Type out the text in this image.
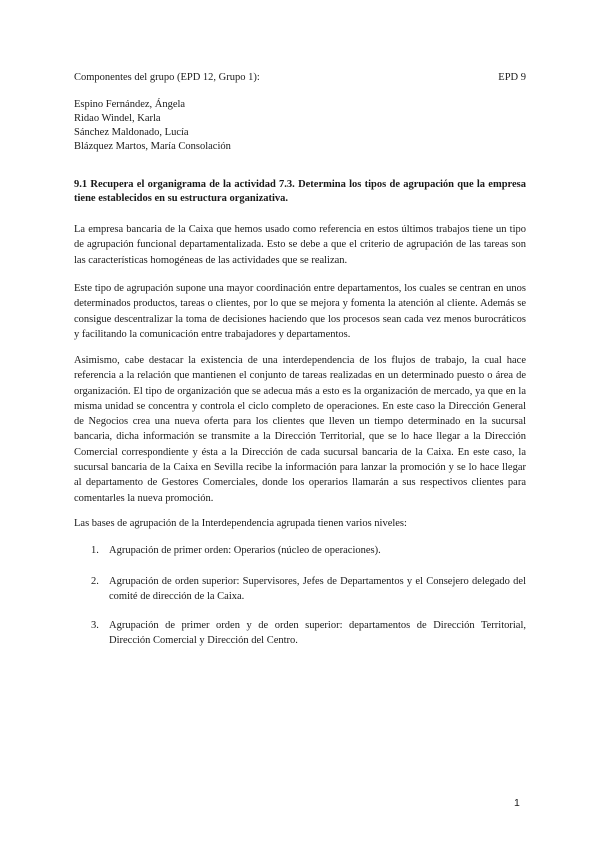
Componentes del grupo (EPD 12, Grupo 1):	EPD 9
Espino Fernández, Ángela
Ridao Windel, Karla
Sánchez Maldonado, Lucía
Blázquez Martos, María Consolación
9.1 Recupera el organigrama de la actividad 7.3. Determina los tipos de agrupación que la empresa tiene establecidos en su estructura organizativa.
La empresa bancaria de la Caixa que hemos usado como referencia en estos últimos trabajos tiene un tipo de agrupación funcional departamentalizada. Esto se debe a que el criterio de agrupación de las tareas son las características homogéneas de las actividades que se realizan.
Este tipo de agrupación supone una mayor coordinación entre departamentos, los cuales se centran en unos determinados productos, tareas o clientes, por lo que se mejora y fomenta la atención al cliente. Además se consigue descentralizar la toma de decisiones haciendo que los procesos sean cada vez menos burocráticos y facilitando la comunicación entre trabajadores y departamentos.
Asimismo, cabe destacar la existencia de una interdependencia de los flujos de trabajo, la cual hace referencia a la relación que mantienen el conjunto de tareas realizadas en un determinado puesto o área de organización. El tipo de organización que se adecua más a esto es la organización de mercado, ya que en la misma unidad se concentra y controla el ciclo completo de operaciones. En este caso la Dirección General de Negocios crea una nueva oferta para los clientes que lleven un tiempo determinado en la sucursal bancaria, dicha información se transmite a la Dirección Territorial, que se lo hace llegar a la Dirección Comercial correspondiente y ésta a la Dirección de cada sucursal bancaria de la Caixa. En este caso, la sucursal bancaria de la Caixa en Sevilla recibe la información para lanzar la promoción y se lo hace llegar al departamento de Gestores Comerciales, donde los operarios llamarán a sus respectivos clientes para comentarles la nueva promoción.
Las bases de agrupación de la Interdependencia agrupada tienen varios niveles:
1. Agrupación de primer orden: Operarios (núcleo de operaciones).
2. Agrupación de orden superior: Supervisores, Jefes de Departamentos y el Consejero delegado del comité de dirección de la Caixa.
3. Agrupación de primer orden y de orden superior: departamentos de Dirección Territorial, Dirección Comercial y Dirección del Centro.
1
